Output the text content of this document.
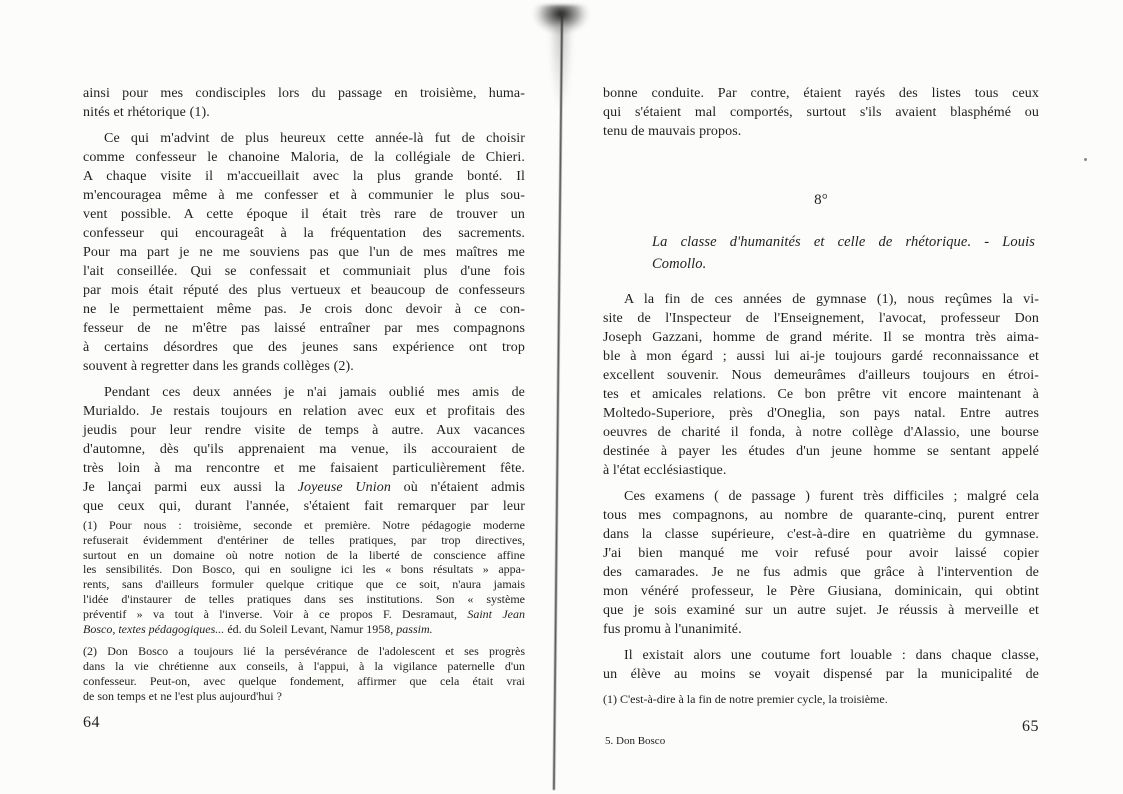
ainsi pour mes condisciples lors du passage en troisième, huma-
nités et rhétorique (1).
Ce qui m'advint de plus heureux cette année-là fut de choisir
comme confesseur le chanoine Maloria, de la collégiale de Chieri.
A chaque visite il m'accueillait avec la plus grande bonté. Il
m'encouragea même à me confesser et à communier le plus sou-
vent possible. A cette époque il était très rare de trouver un
confesseur qui encourageât à la fréquentation des sacrements.
Pour ma part je ne me souviens pas que l'un de mes maîtres me
l'ait conseillée. Qui se confessait et communiait plus d'une fois
par mois était réputé des plus vertueux et beaucoup de confesseurs
ne le permettaient même pas. Je crois donc devoir à ce con-
fesseur de ne m'être pas laissé entraîner par mes compagnons
à certains désordres que des jeunes sans expérience ont trop
souvent à regretter dans les grands collèges (2).
Pendant ces deux années je n'ai jamais oublié mes amis de
Murialdo. Je restais toujours en relation avec eux et profitais des
jeudis pour leur rendre visite de temps à autre. Aux vacances
d'automne, dès qu'ils apprenaient ma venue, ils accouraient de
très loin à ma rencontre et me faisaient particulièrement fête.
Je lançai parmi eux aussi la Joyeuse Union où n'étaient admis
que ceux qui, durant l'année, s'étaient fait remarquer par leur
(1) Pour nous : troisième, seconde et première. Notre pédagogie moderne
refuserait évidemment d'entériner de telles pratiques, par trop directives,
surtout en un domaine où notre notion de la liberté de conscience affine
les sensibilités. Don Bosco, qui en souligne ici les « bons résultats » appa-
rents, sans d'ailleurs formuler quelque critique que ce soit, n'aura jamais
l'idée d'instaurer de telles pratiques dans ses institutions. Son « système
préventif » va tout à l'inverse. Voir à ce propos F. Desramaut, Saint Jean
Bosco, textes pédagogiques... éd. du Soleil Levant, Namur 1958, passim.
(2) Don Bosco a toujours lié la persévérance de l'adolescent et ses progrès
dans la vie chrétienne aux conseils, à l'appui, à la vigilance paternelle d'un
confesseur. Peut-on, avec quelque fondement, affirmer que cela était vrai
de son temps et ne l'est plus aujourd'hui ?
64
bonne conduite. Par contre, étaient rayés des listes tous ceux
qui s'étaient mal comportés, surtout s'ils avaient blasphémé ou
tenu de mauvais propos.
8°
La classe d'humanités et celle de rhétorique. - Louis
Comollo.
A la fin de ces années de gymnase (1), nous reçûmes la vi-
site de l'Inspecteur de l'Enseignement, l'avocat, professeur Don
Joseph Gazzani, homme de grand mérite. Il se montra très aima-
ble à mon égard ; aussi lui ai-je toujours gardé reconnaissance et
excellent souvenir. Nous demeurâmes d'ailleurs toujours en étroi-
tes et amicales relations. Ce bon prêtre vit encore maintenant à
Moltedo-Superiore, près d'Oneglia, son pays natal. Entre autres
oeuvres de charité il fonda, à notre collège d'Alassio, une bourse
destinée à payer les études d'un jeune homme se sentant appelé
à l'état ecclésiastique.
Ces examens ( de passage ) furent très difficiles ; malgré cela
tous mes compagnons, au nombre de quarante-cinq, purent entrer
dans la classe supérieure, c'est-à-dire en quatrième du gymnase.
J'ai bien manqué me voir refusé pour avoir laissé copier
des camarades. Je ne fus admis que grâce à l'intervention de
mon vénéré professeur, le Père Giusiana, dominicain, qui obtint
que je sois examiné sur un autre sujet. Je réussis à merveille et
fus promu à l'unanimité.
Il existait alors une coutume fort louable : dans chaque classe,
un élève au moins se voyait dispensé par la municipalité de
(1) C'est-à-dire à la fin de notre premier cycle, la troisième.
65
5. Don Bosco
